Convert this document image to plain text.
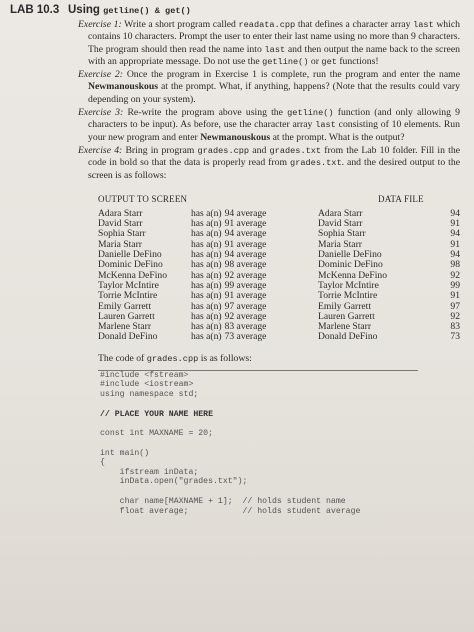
LAB 10.3 Using getline() & get()

Exercise 1: Write a short program called readata.cpp that defines a character array last which contains 10 characters. Prompt the user to enter their last name using no more than 9 characters. The program should then read the name into last and then output the name back to the screen with an appropriate message. Do not use the getline() or get functions!

Exercise 2: Once the program in Exercise 1 is complete, run the program and enter the name Newmanouskous at the prompt. What, if anything, happens? (Note that the results could vary depending on your system).

Exercise 3: Re-write the program above using the getline() function (and only allowing 9 characters to be input). As before, use the character array last consisting of 10 elements. Run your new program and enter Newmanouskous at the prompt. What is the output?

Exercise 4: Bring in program grades.cpp and grades.txt from the Lab 10 folder. Fill in the code in bold so that the data is properly read from grades.txt. and the desired output to the screen is as follows:

OUTPUT TO SCREEN	DATA FILE
Adara Starr	has a(n)	94 average	Adara Starr	94
David Starr	has a(n)	91 average	David Starr	91
Sophia Starr	has a(n)	94 average	Sophia Starr	94
Maria Starr	has a(n)	91 average	Maria Starr	91
Danielle DeFino	has a(n)	94 average	Danielle DeFino	94
Dominic DeFino	has a(n)	98 average	Dominic DeFino	98
McKenna DeFino	has a(n)	92 average	McKenna DeFino	92
Taylor McIntire	has a(n)	99 average	Taylor McIntire	99
Torrie McIntire	has a(n)	91 average	Torrie McIntire	91
Emily Garrett	has a(n)	97 average	Emily Garrett	97
Lauren Garrett	has a(n)	92 average	Lauren Garrett	92
Marlene Starr	has a(n)	83 average	Marlene Starr	83
Donald DeFino	has a(n)	73 average	Donald DeFino	73
The code of grades.cpp is as follows:
#include <fstream>
#include <iostream>
using namespace std;
// PLACE YOUR NAME HERE
const int MAXNAME = 20;
int main()
{
ifstream inData;
inData.open("grades.txt");
char name[MAXNAME + 1];  // holds student name
float average;           // holds student average
